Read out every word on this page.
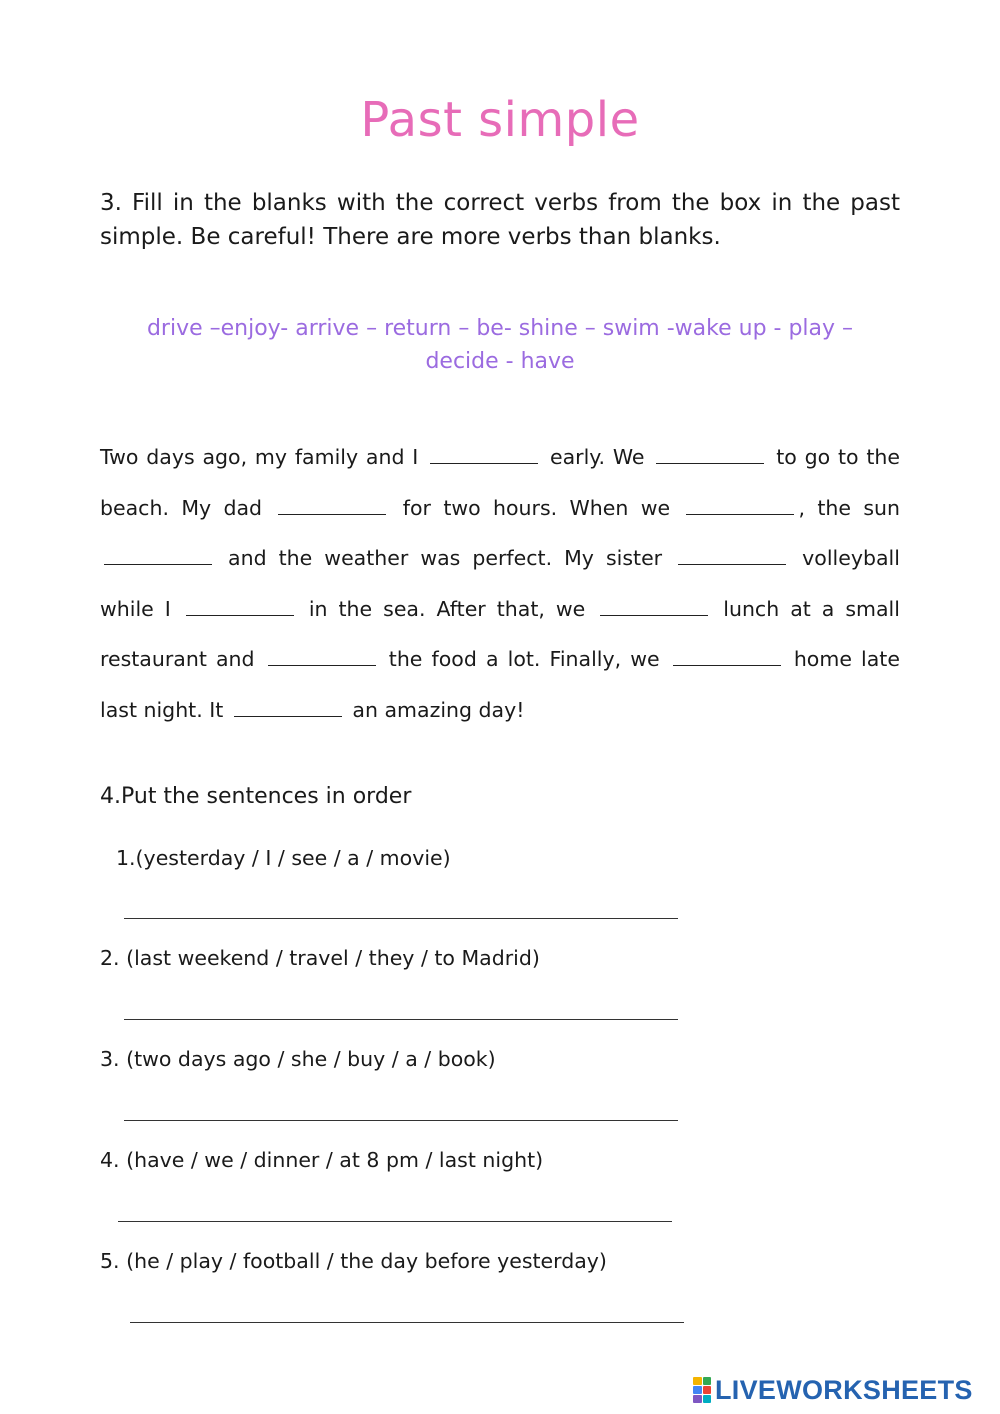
Past simple
3. Fill in the blanks with the correct verbs from the box in the past simple. Be careful! There are more verbs than blanks.
drive –enjoy- arrive – return – be- shine – swim -wake up - play –
decide - have
Two days ago, my family and I	early. We	to go to the beach. My dad	for two hours. When we	, the sun  and the weather was perfect. My sister	volleyball while I	in the sea. After that, we	lunch at a small restaurant and	the food a lot. Finally, we	home late last night. It	an amazing day!
4.Put the sentences in order
1.(yesterday / I / see / a / movie)
2. (last weekend / travel / they / to Madrid)
3. (two days ago / she / buy / a / book)
4. (have / we / dinner / at 8 pm / last night)
5. (he / play / football / the day before yesterday)
LIVEWORKSHEETS
